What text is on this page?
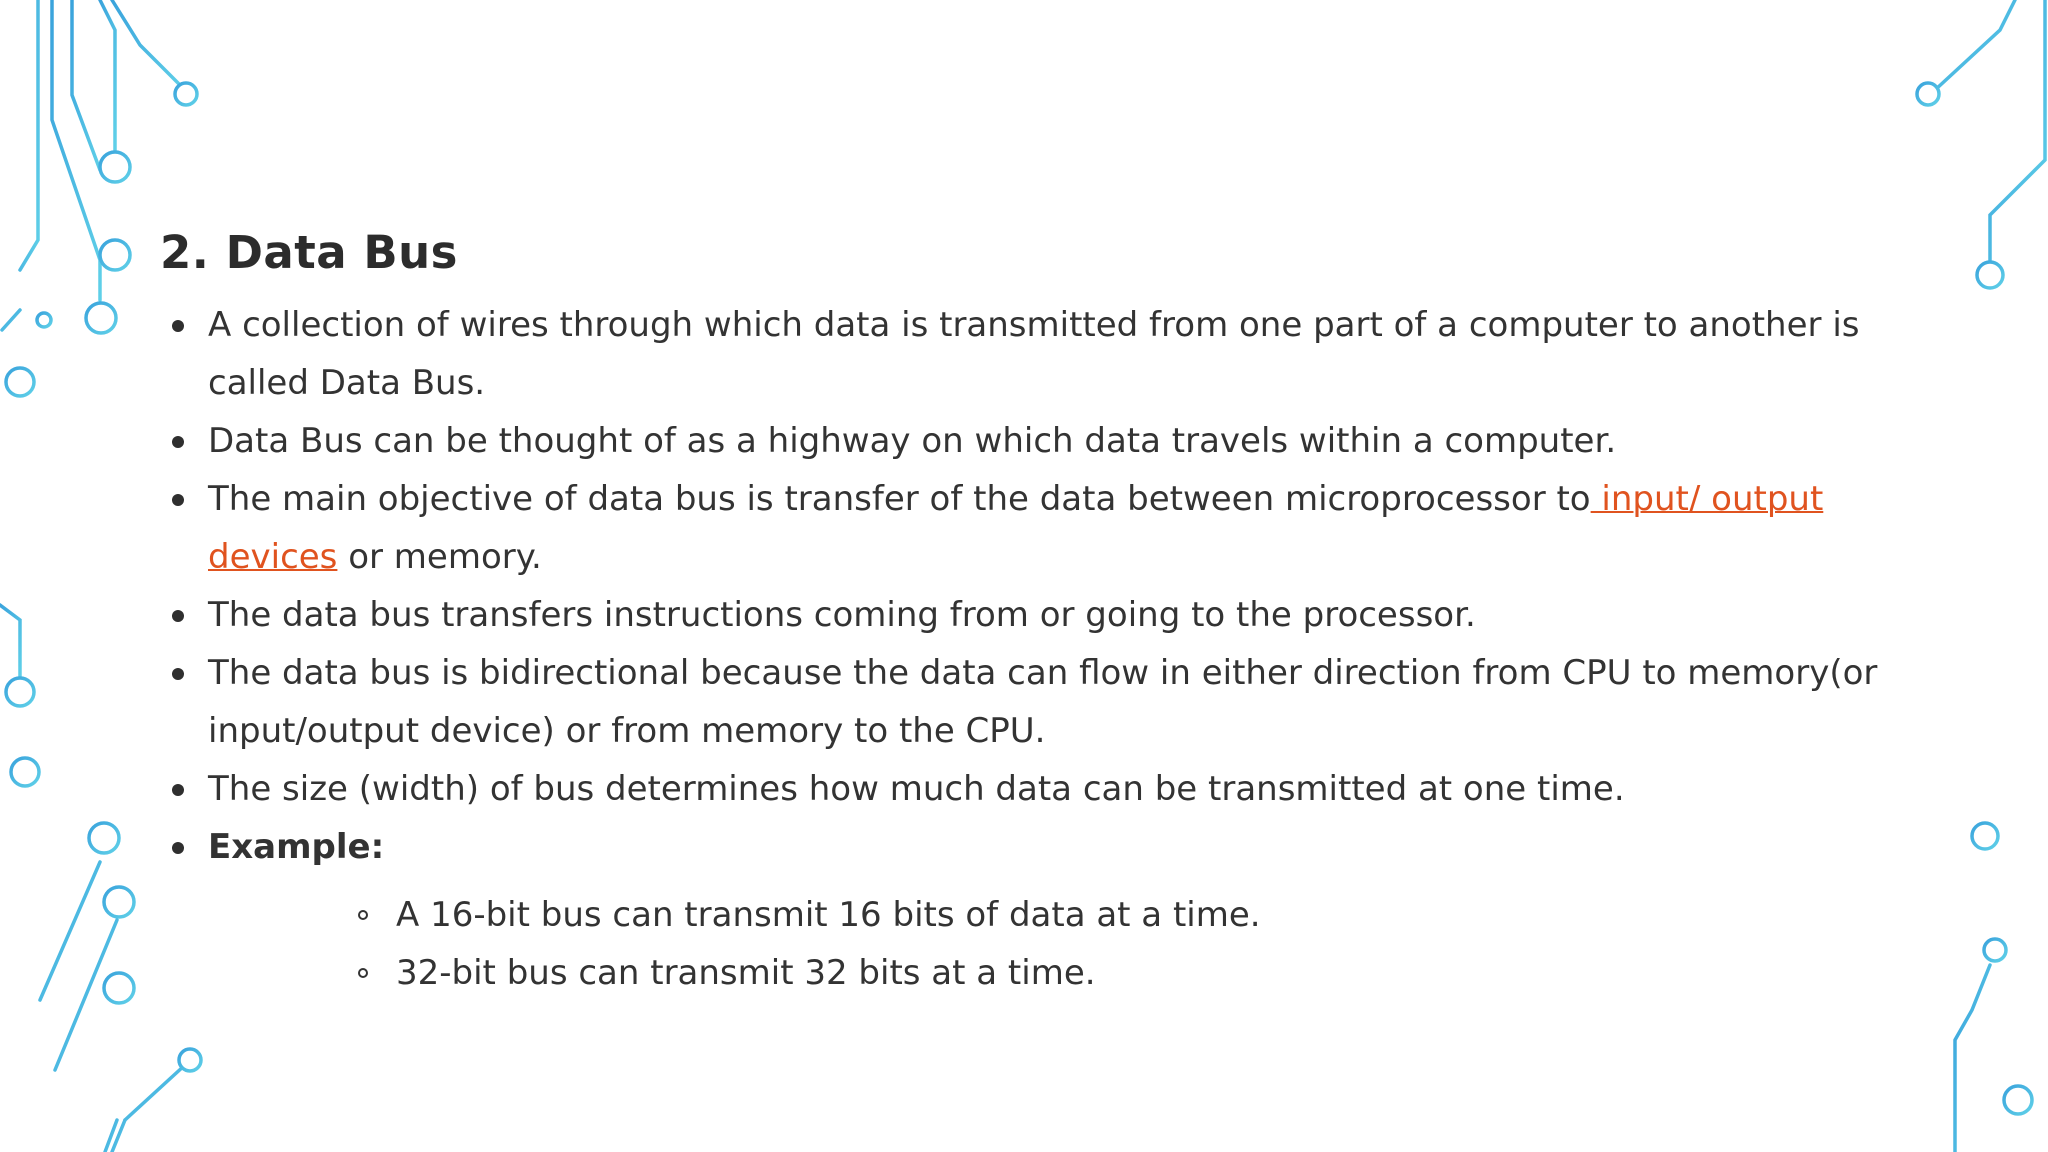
2. Data Bus
A collection of wires through which data is transmitted from one part of a computer to another is called Data Bus.
Data Bus can be thought of as a highway on which data travels within a computer.
The main objective of data bus is transfer of the data between microprocessor to input/ output devices or memory.
The data bus transfers instructions coming from or going to the processor.
The data bus is bidirectional because the data can flow in either direction from CPU to memory(or input/output device) or from memory to the CPU.
The size (width) of bus determines how much data can be transmitted at one time.
Example:
A 16-bit bus can transmit 16 bits of data at a time.
32-bit bus can transmit 32 bits at a time.
